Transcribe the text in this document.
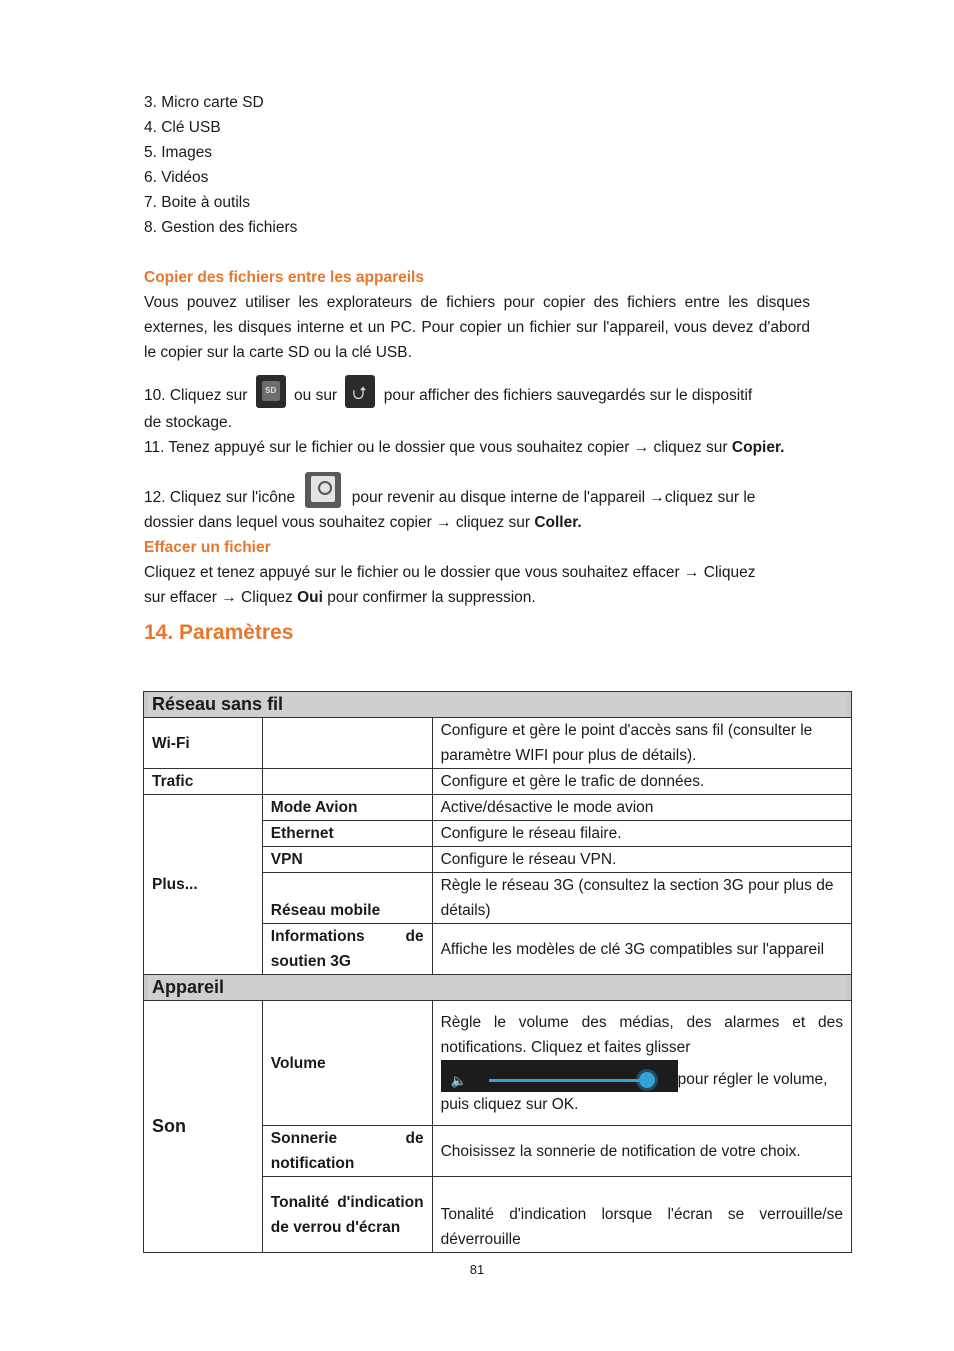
3. Micro carte SD
4. Clé USB
5. Images
6. Vidéos
7. Boite à outils
8. Gestion des fichiers
Copier des fichiers entre les appareils
Vous pouvez utiliser les explorateurs de fichiers pour copier des fichiers entre les disques externes, les disques interne et un PC. Pour copier un fichier sur l'appareil, vous devez d'abord le copier sur la carte SD ou la clé USB.
10. Cliquez sur	SD ou sur ⮍ pour afficher des fichiers sauvegardés sur le dispositif
de stockage.
11. Tenez appuyé sur le fichier ou le dossier que vous souhaitez copier → cliquez sur Copier.
12. Cliquez sur l'icône	pour revenir au disque interne de l'appareil →cliquez sur le
dossier dans lequel vous souhaitez copier → cliquez sur Coller.
Effacer un fichier
Cliquez et tenez appuyé sur le fichier ou le dossier que vous souhaitez effacer → Cliquez
sur effacer → Cliquez Oui pour confirmer la suppression.
14. Paramètres
Réseau sans fil		

Wi-Fi		Configure et gère le point d'accès sans fil (consulter le paramètre WIFI pour plus de détails).
Trafic		Configure et gère le trafic de données.
Plus...	Mode Avion	Active/désactive le mode avion
	Ethernet	Configure le réseau filaire.
	VPN	Configure le réseau VPN.
	Réseau mobile	Règle le réseau 3G (consultez la section 3G pour plus de détails)
	Informations de soutien 3G	Affiche les modèles de clé 3G compatibles sur l'appareil

Appareil		

Son	Volume	Règle le volume des médias, des alarmes et des notifications. Cliquez et faites glisser

🔈 pour régler le volume,
puis cliquez sur OK.
	Sonnerie de notification	Choisissez la sonnerie de notification de votre choix.
	Tonalité d'indication de verrou d'écran	Tonalité d'indication lorsque l'écran se verrouille/se déverrouille
81
